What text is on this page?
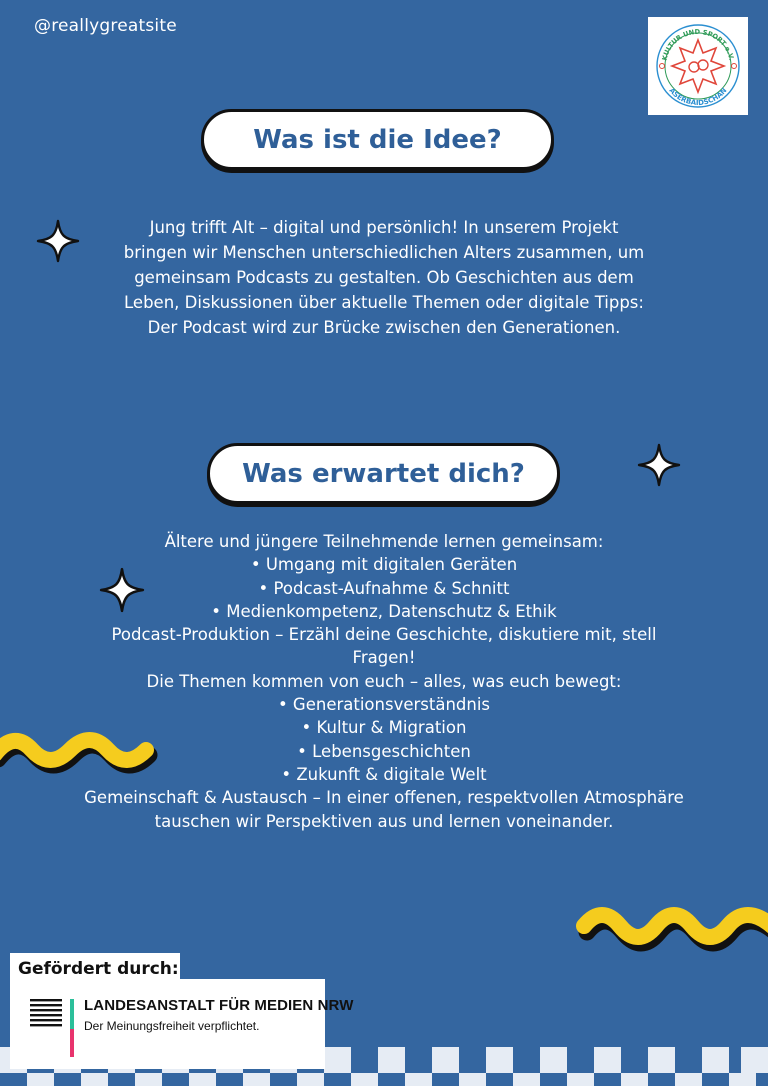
@reallygreatsite
KULTUR UND SPORT e.V.
ASERBAIDSCHAN
Was ist die Idee?
Jung trifft Alt – digital und persönlich! In unserem Projekt bringen wir Menschen unterschiedlichen Alters zusammen, um gemeinsam Podcasts zu gestalten. Ob Geschichten aus dem Leben, Diskussionen über aktuelle Themen oder digitale Tipps: Der Podcast wird zur Brücke zwischen den Generationen.
Was erwartet dich?

Ältere und jüngere Teilnehmende lernen gemeinsam:

• Umgang mit digitalen Geräten

• Podcast-Aufnahme & Schnitt

• Medienkompetenz, Datenschutz & Ethik

Podcast-Produktion – Erzähl deine Geschichte, diskutiere mit, stell Fragen!

Die Themen kommen von euch – alles, was euch bewegt:

• Generationsverständnis

• Kultur & Migration

• Lebensgeschichten

• Zukunft & digitale Welt

Gemeinschaft & Austausch – In einer offenen, respektvollen Atmosphäre tauschen wir Perspektiven aus und lernen voneinander.

LANDESANSTALT FÜR MEDIEN NRW
Der Meinungsfreiheit verpflichtet.
Gefördert durch:
